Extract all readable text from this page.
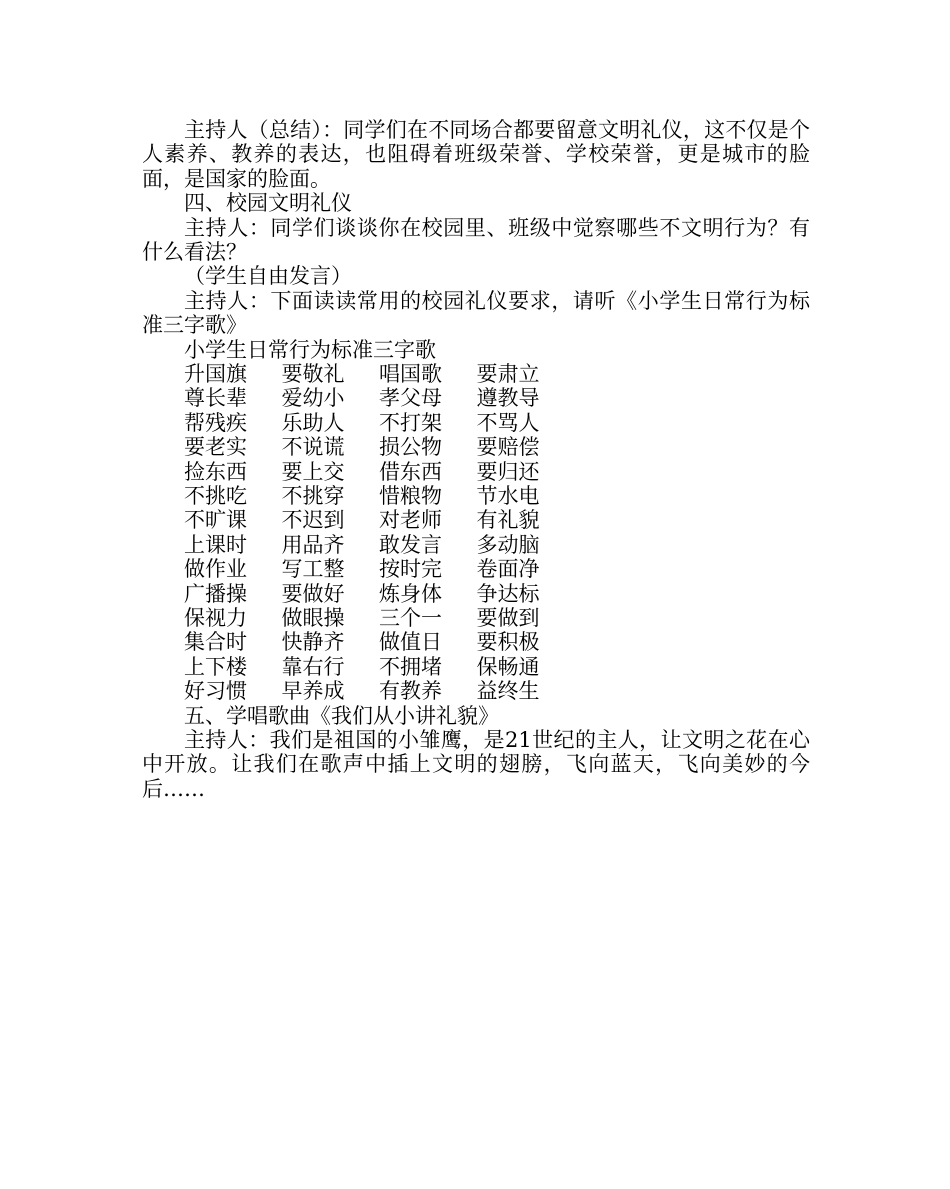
主持人（总结）：同学们在不同场合都要留意文明礼仪，这不仅是个人素养、教养的表达，也阻碍着班级荣誉、学校荣誉，更是城市的脸面，是国家的脸面。

四、校园文明礼仪

主持人：同学们谈谈你在校园里、班级中觉察哪些不文明行为？有什么看法？

（学生自由发言）

主持人：下面读读常用的校园礼仪要求，请听《小学生日常行为标准三字歌》

小学生日常行为标准三字歌

升国旗	要敬礼	唱国歌	要肃立
尊长辈	爱幼小	孝父母	遵教导
帮残疾	乐助人	不打架	不骂人
要老实	不说谎	损公物	要赔偿
捡东西	要上交	借东西	要归还
不挑吃	不挑穿	惜粮物	节水电
不旷课	不迟到	对老师	有礼貌
上课时	用品齐	敢发言	多动脑
做作业	写工整	按时完	卷面净
广播操	要做好	炼身体	争达标
保视力	做眼操	三个一	要做到
集合时	快静齐	做值日	要积极
上下楼	靠右行	不拥堵	保畅通
好习惯	早养成	有教养	益终生

五、学唱歌曲《我们从小讲礼貌》

主持人：我们是祖国的小雏鹰，是21世纪的主人，让文明之花在心中开放。让我们在歌声中插上文明的翅膀，飞向蓝天，飞向美妙的今后……
